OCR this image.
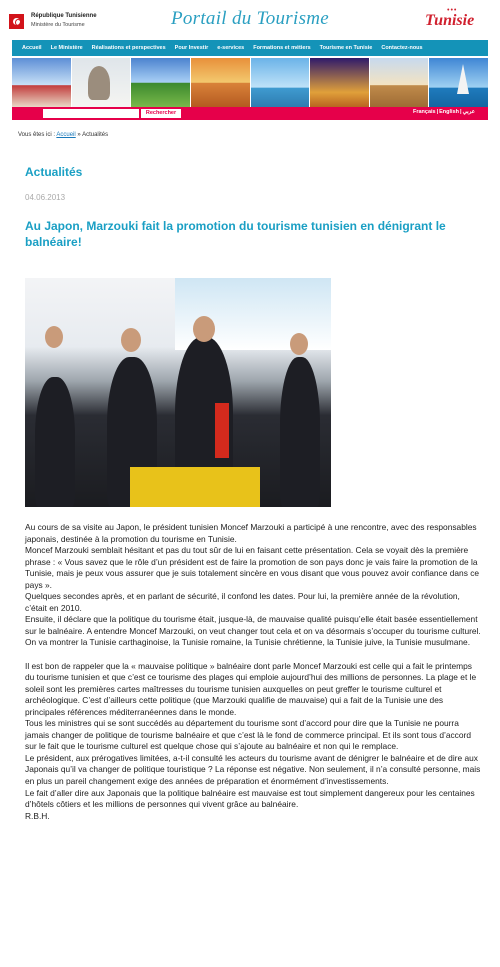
République Tunisienne
Ministère du Tourisme	Portail du Tourisme	•••
Tunisie
Accueil Le Ministère Réalisations et perspectives Pour Investir e-services Formations et métiers Tourisme en Tunisie Contactez-nous
Rechercher	Français|English|عربي
Vous êtes ici : Accueil » Actualités
Actualités
04.06.2013
Au Japon, Marzouki fait la promotion du tourisme tunisien en dénigrant le balnéaire!

Au cours de sa visite au Japon, le président tunisien Moncef Marzouki a participé à une rencontre, avec des responsables japonais, destinée à la promotion du tourisme en Tunisie.

Moncef Marzouki semblait hésitant et pas du tout sûr de lui en faisant cette présentation. Cela se voyait dès la première phrase : « Vous savez que le rôle d’un président est de faire la promotion de son pays donc je vais faire la promotion de la Tunisie, mais je peux vous assurer que je suis totalement sincère en vous disant que vous pouvez avoir confiance dans ce pays ».

Quelques secondes après, et en parlant de sécurité, il confond les dates. Pour lui, la première année de la révolution, c’était en 2010.

Ensuite, il déclare que la politique du tourisme était, jusque-là, de mauvaise qualité puisqu’elle était basée essentiellement sur le balnéaire. A entendre Moncef Marzouki, on veut changer tout cela et on va désormais s’occuper du tourisme culturel. On va montrer la Tunisie carthaginoise, la Tunisie romaine, la Tunisie chrétienne, la Tunisie juive, la Tunisie musulmane.

Il est bon de rappeler que la « mauvaise politique » balnéaire dont parle Moncef Marzouki est celle qui a fait le printemps du tourisme tunisien et que c’est ce tourisme des plages qui emploie aujourd’hui des millions de personnes. La plage et le soleil sont les premières cartes maîtresses du tourisme tunisien auxquelles on peut greffer le tourisme culturel et archéologique. C’est d’ailleurs cette politique (que Marzouki qualifie de mauvaise) qui a fait de la Tunisie une des principales références méditerranéennes dans le monde.

Tous les ministres qui se sont succédés au département du tourisme sont d’accord pour dire que la Tunisie ne pourra jamais changer de politique de tourisme balnéaire et que c’est là le fond de commerce principal. Et ils sont tous d’accord sur le fait que le tourisme culturel est quelque chose qui s’ajoute au balnéaire et non qui le remplace.

Le président, aux prérogatives limitées, a-t-il consulté les acteurs du tourisme avant de dénigrer le balnéaire et de dire aux Japonais qu’il va changer de politique touristique ? La réponse est négative. Non seulement, il n’a consulté personne, mais en plus un pareil changement exige des années de préparation et énormément d’investissements.

Le fait d’aller dire aux Japonais que la politique balnéaire est mauvaise est tout simplement dangereux pour les centaines d’hôtels côtiers et les millions de personnes qui vivent grâce au balnéaire.

R.B.H.
